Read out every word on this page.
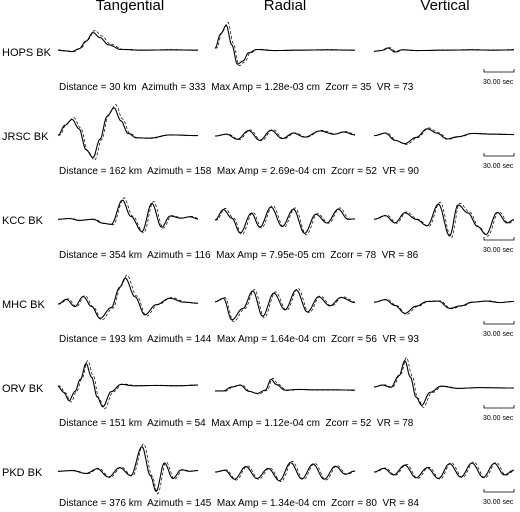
Tangential	Radial	Vertical
HOPS BK
Distance = 30 km  Azimuth = 333  Max Amp = 1.28e-03 cm  Zcorr = 35  VR = 73
JRSC BK
Distance = 162 km  Azimuth = 158  Max Amp = 2.69e-04 cm  Zcorr = 52  VR = 90
KCC BK
Distance = 354 km  Azimuth = 116  Max Amp = 7.95e-05 cm  Zcorr = 78  VR = 86
MHC BK
Distance = 193 km  Azimuth = 144  Max Amp = 1.64e-04 cm  Zcorr = 56  VR = 93
ORV BK
Distance = 151 km  Azimuth = 54  Max Amp = 1.12e-04 cm  Zcorr = 52  VR = 78
PKD BK
Distance = 376 km  Azimuth = 145  Max Amp = 1.34e-04 cm  Zcorr = 80  VR = 84
30.00 sec
30.00 sec
30.00 sec
30.00 sec
30.00 sec
30.00 sec
